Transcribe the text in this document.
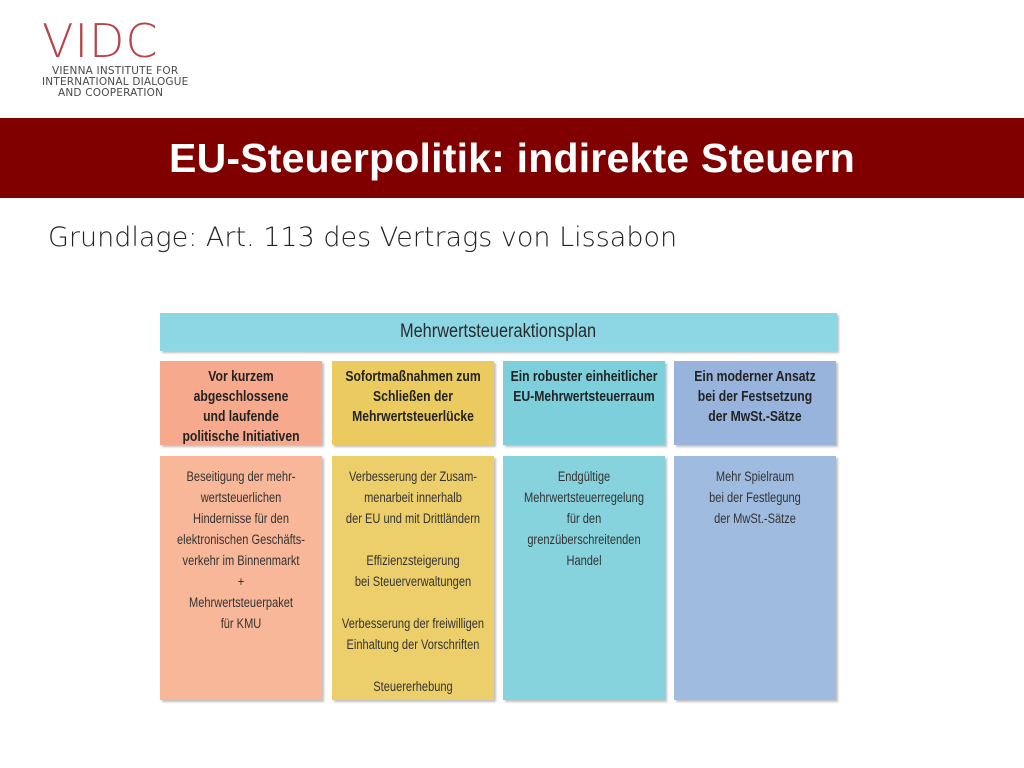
VIDC
VIENNA INSTITUTE FOR
INTERNATIONAL DIALOGUE
AND COOPERATION
EU-Steuerpolitik: indirekte Steuern
Grundlage: Art. 113 des Vertrags von Lissabon
Mehrwertsteueraktionsplan
Vor kurzem abgeschlossene
und laufende
politische Initiativen
Beseitigung der mehr-
wertsteuerlichen
Hindernisse für den
elektronischen Geschäfts-
verkehr im Binnenmarkt
+
Mehrwertsteuerpaket
für KMU
Sofortmaßnahmen zum
Schließen der
Mehrwertsteuerlücke
Verbesserung der Zusam-
menarbeit innerhalb
der EU und mit Drittländern

Effizienzsteigerung
bei Steuerverwaltungen

Verbesserung der freiwilligen
Einhaltung der Vorschriften

Steuererhebung
Ein robuster einheitlicher
EU-Mehrwertsteuerraum
Endgültige
Mehrwertsteuerregelung
für den
grenzüberschreitenden
Handel
Ein moderner Ansatz
bei der Festsetzung
der MwSt.-Sätze
Mehr Spielraum
bei der Festlegung
der MwSt.-Sätze
